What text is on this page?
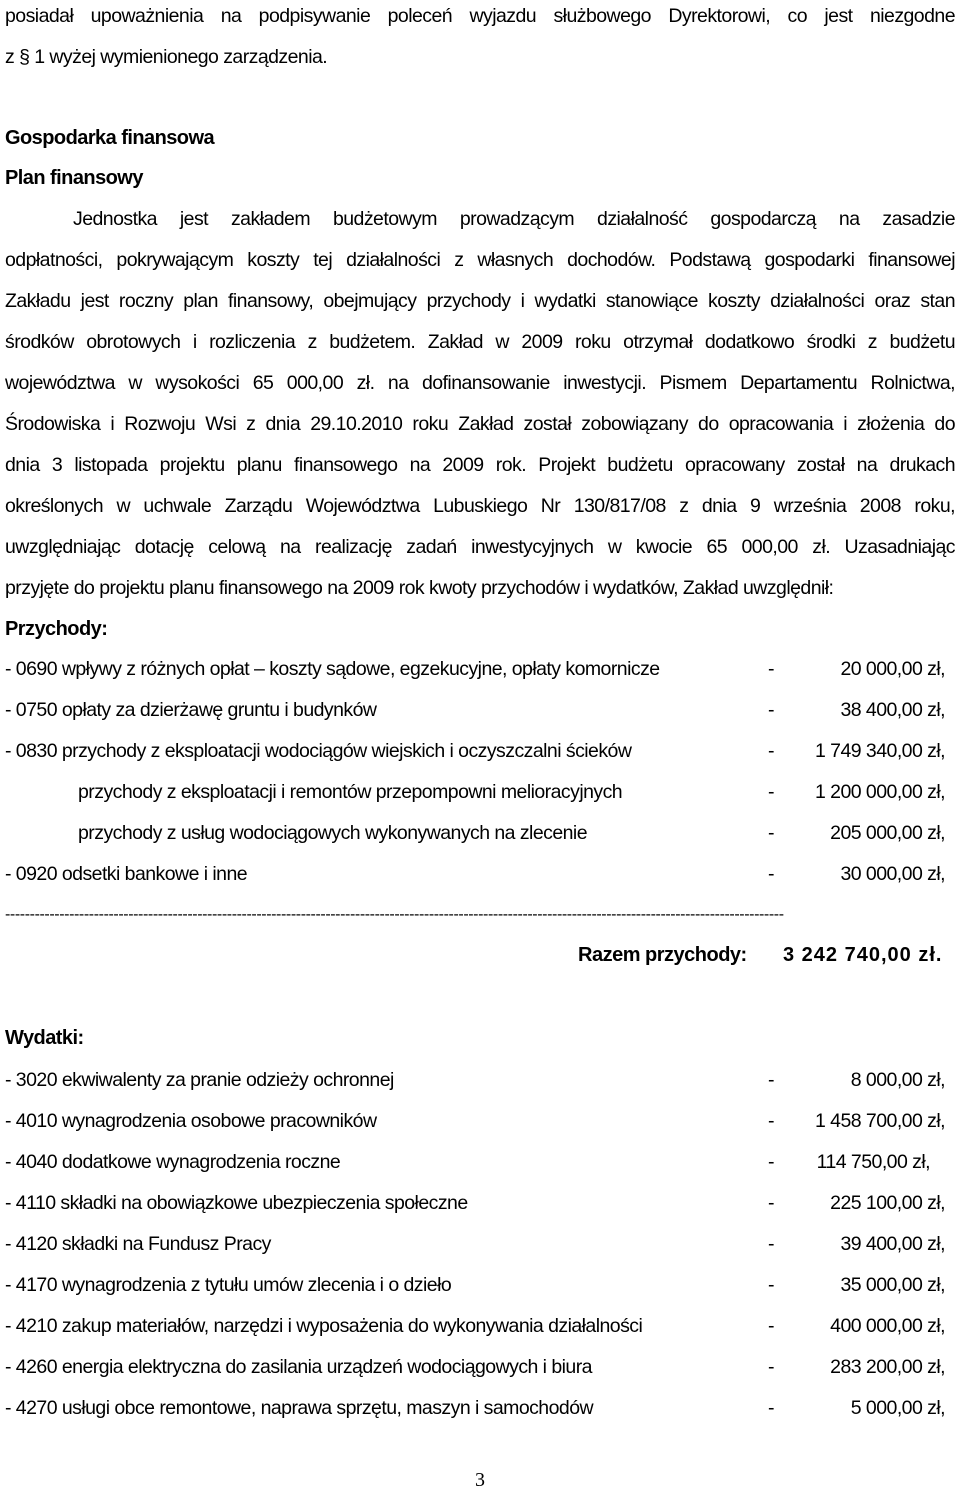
posiadał upoważnienia na podpisywanie poleceń wyjazdu służbowego Dyrektorowi, co jest niezgodne
z § 1 wyżej wymienionego zarządzenia.
Gospodarka finansowa
Plan finansowy
Jednostka jest zakładem budżetowym prowadzącym działalność gospodarczą na zasadzie
odpłatności, pokrywającym koszty tej działalności z własnych dochodów. Podstawą gospodarki finansowej
Zakładu jest roczny plan finansowy, obejmujący przychody i wydatki stanowiące koszty działalności oraz stan
środków obrotowych i rozliczenia z budżetem. Zakład w 2009 roku otrzymał dodatkowo środki z budżetu
województwa w wysokości 65 000,00 zł. na dofinansowanie inwestycji. Pismem Departamentu Rolnictwa,
Środowiska i Rozwoju Wsi z dnia 29.10.2010 roku Zakład został zobowiązany do opracowania i złożenia do
dnia 3 listopada projektu planu finansowego na 2009 rok. Projekt budżetu opracowany został na drukach
określonych w uchwale Zarządu Województwa Lubuskiego Nr 130/817/08 z dnia 9 września 2008 roku,
uwzględniając dotację celową na realizację zadań inwestycyjnych w kwocie 65 000,00 zł. Uzasadniając
przyjęte do projektu planu finansowego na 2009 rok kwoty przychodów i wydatków, Zakład uwzględnił:
Przychody:
- 0690 wpływy z różnych opłat – koszty sądowe, egzekucyjne, opłaty komornicze	-	20 000,00 zł,
- 0750 opłaty za dzierżawę gruntu i budynków	-	38 400,00 zł,
- 0830 przychody z eksploatacji wodociągów wiejskich i oczyszczalni ścieków	- 1 749 340,00 zł,
przychody z eksploatacji i remontów przepompowni melioracyjnych	- 1 200 000,00 zł,
przychody z usług wodociągowych wykonywanych na zlecenie	-	205 000,00 zł,
- 0920 odsetki bankowe i inne	-	30 000,00 zł,
--------------------------------------------------------------------------------------------------------------------------------------------------------------
Razem przychody: 3 242 740,00 zł.
Wydatki:
- 3020 ekwiwalenty za pranie odzieży ochronnej	-	8 000,00 zł,
- 4010 wynagrodzenia osobowe pracowników	- 1 458 700,00 zł,
- 4040 dodatkowe wynagrodzenia roczne	- 114 750,00 zł,
- 4110 składki na obowiązkowe ubezpieczenia społeczne	-	225 100,00 zł,
- 4120 składki na Fundusz Pracy	-	39 400,00 zł,
- 4170 wynagrodzenia z tytułu umów zlecenia i o dzieło	-	35 000,00 zł,
- 4210 zakup materiałów, narzędzi i wyposażenia do wykonywania działalności	-	400 000,00 zł,
- 4260 energia elektryczna do zasilania urządzeń wodociągowych i biura	-	283 200,00 zł,
- 4270 usługi obce remontowe, naprawa sprzętu, maszyn i samochodów	-	5 000,00 zł,
3
